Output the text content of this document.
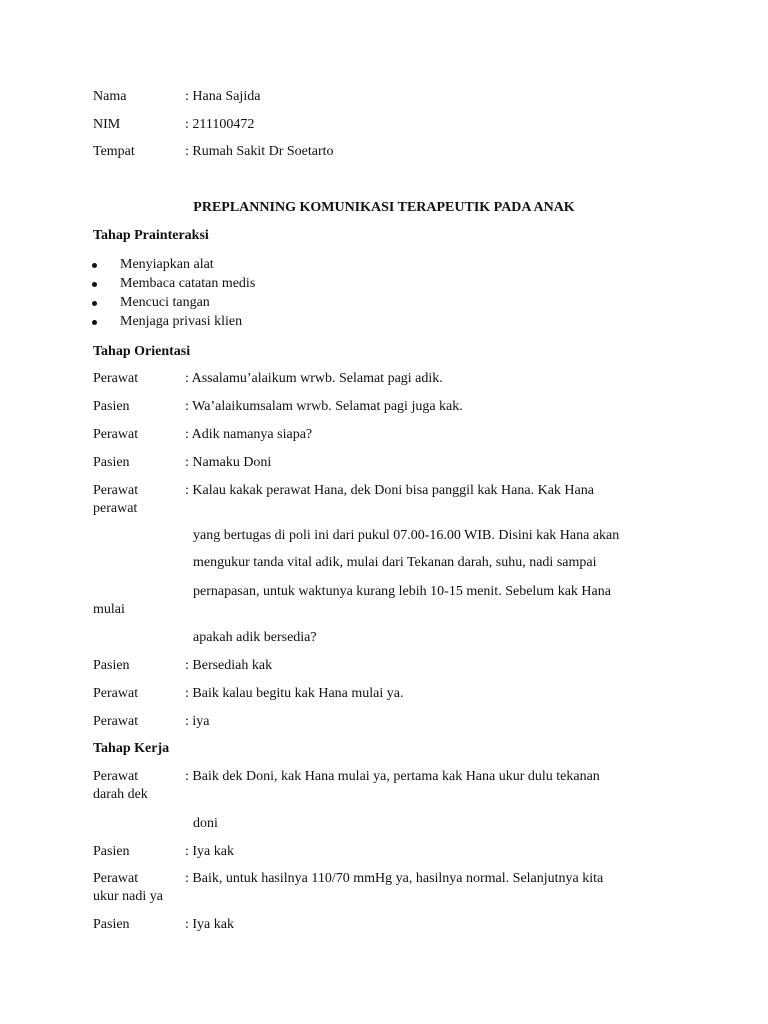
Nama	: Hana Sajida
NIM	: 211100472
Tempat	: Rumah Sakit Dr Soetarto
PREPLANNING KOMUNIKASI TERAPEUTIK PADA ANAK
Tahap Prainteraksi
Menyiapkan alat
Membaca catatan medis
Mencuci tangan
Menjaga privasi klien
Tahap Orientasi
Perawat	: Assalamu’alaikum wrwb. Selamat pagi adik.
Pasien	: Wa’alaikumsalam wrwb. Selamat pagi juga kak.
Perawat	: Adik namanya siapa?
Pasien	: Namaku Doni
Perawat	: Kalau kakak perawat Hana, dek Doni bisa panggil kak Hana. Kak Hana
perawat
yang bertugas di poli ini dari pukul 07.00-16.00 WIB. Disini kak Hana akan
mengukur tanda vital adik, mulai dari Tekanan darah, suhu, nadi sampai
pernapasan, untuk waktunya kurang lebih 10-15 menit. Sebelum kak Hana
mulai
apakah adik bersedia?
Pasien	: Bersediah kak
Perawat	: Baik kalau begitu kak Hana mulai ya.
Perawat	: iya
Tahap Kerja
Perawat	: Baik dek Doni, kak Hana mulai ya, pertama kak Hana ukur dulu tekanan
darah dek
doni
Pasien	: Iya kak
Perawat	: Baik, untuk hasilnya 110/70 mmHg ya, hasilnya normal. Selanjutnya kita
ukur nadi ya
Pasien	: Iya kak
